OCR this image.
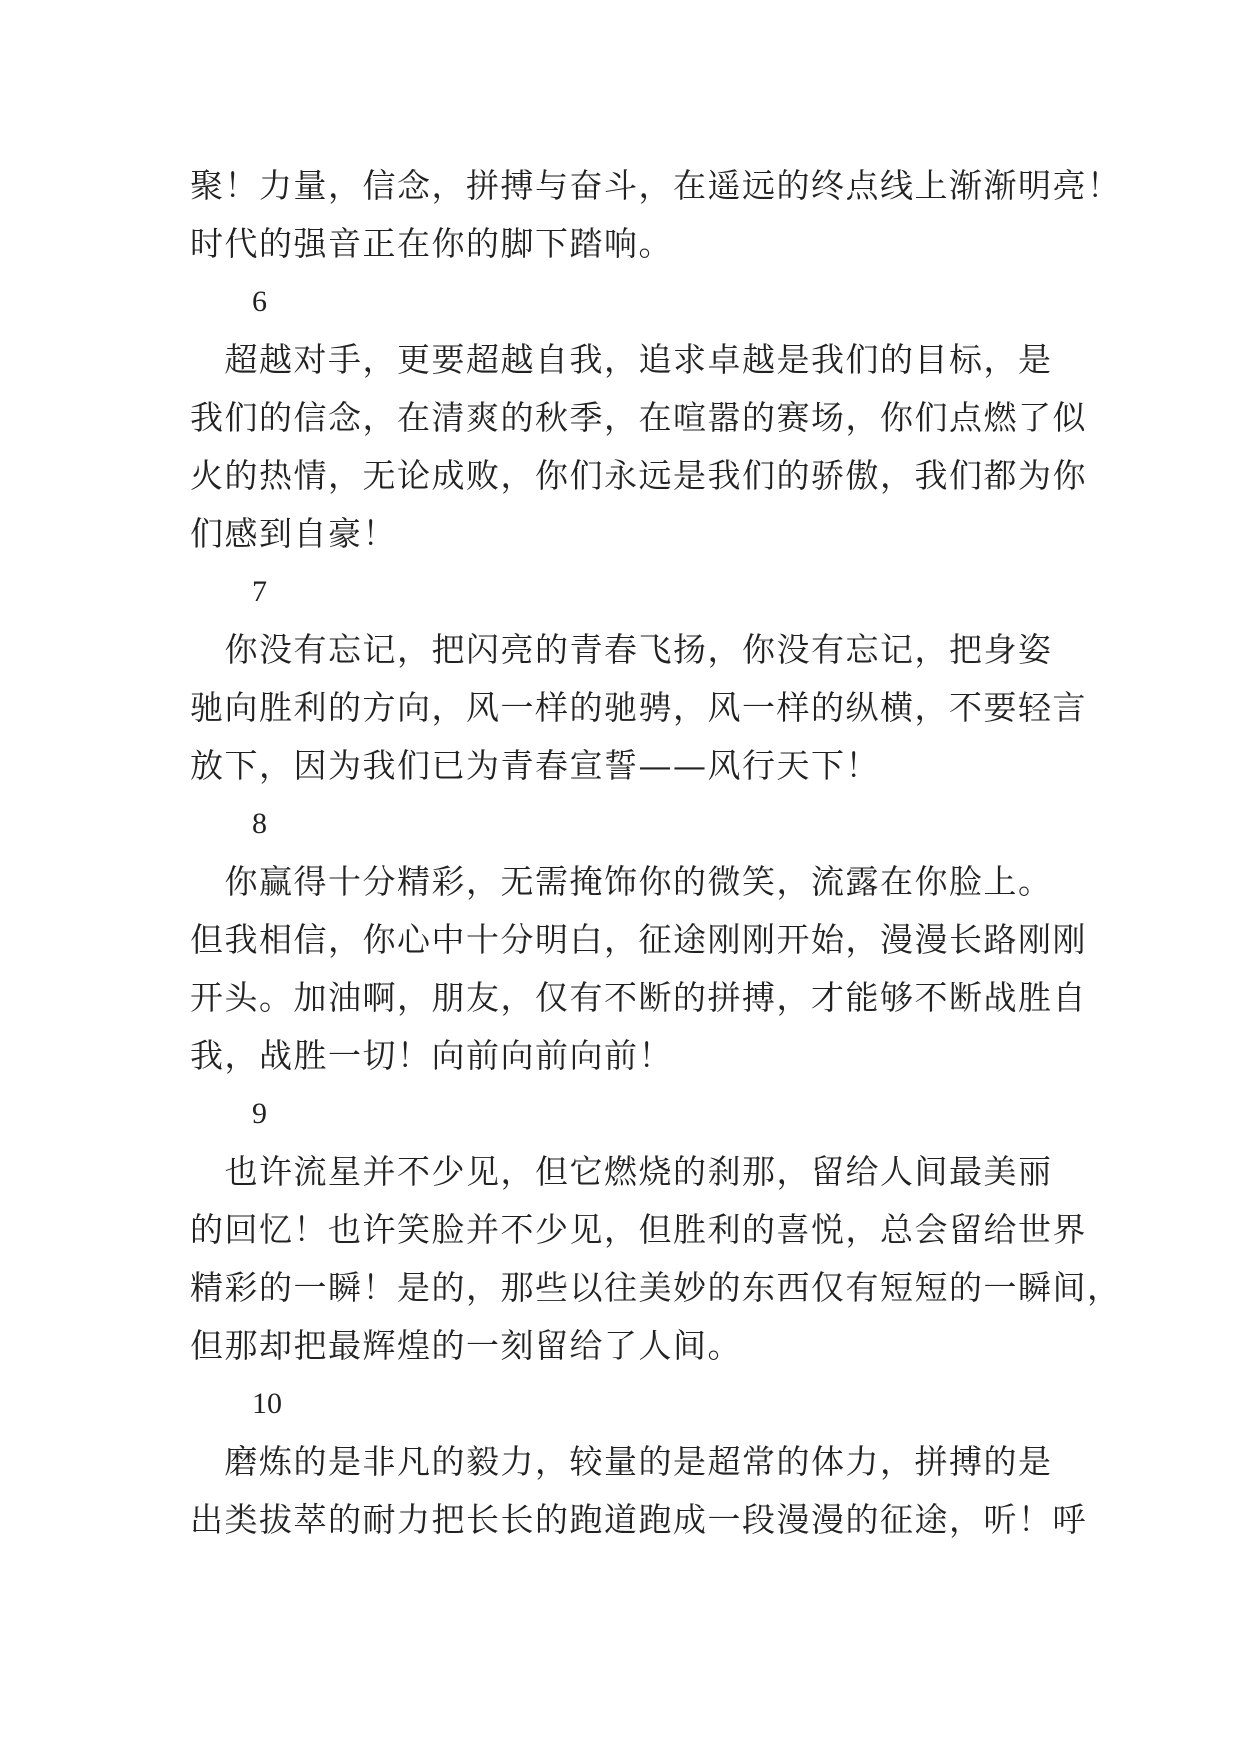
聚！力量，信念，拼搏与奋斗，在遥远的终点线上渐渐明亮！
时代的强音正在你的脚下踏响。
6
　超越对手，更要超越自我，追求卓越是我们的目标，是
我们的信念，在清爽的秋季，在喧嚣的赛场，你们点燃了似
火的热情，无论成败，你们永远是我们的骄傲，我们都为你
们感到自豪！
7
　你没有忘记，把闪亮的青春飞扬，你没有忘记，把身姿
驰向胜利的方向，风一样的驰骋，风一样的纵横，不要轻言
放下，因为我们已为青春宣誓——风行天下！
8
　你赢得十分精彩，无需掩饰你的微笑，流露在你脸上。
但我相信，你心中十分明白，征途刚刚开始，漫漫长路刚刚
开头。加油啊，朋友，仅有不断的拼搏，才能够不断战胜自
我，战胜一切！向前向前向前！
9
　也许流星并不少见，但它燃烧的刹那，留给人间最美丽
的回忆！也许笑脸并不少见，但胜利的喜悦，总会留给世界
精彩的一瞬！是的，那些以往美妙的东西仅有短短的一瞬间，
但那却把最辉煌的一刻留给了人间。
10
　磨炼的是非凡的毅力，较量的是超常的体力，拼搏的是
出类拔萃的耐力把长长的跑道跑成一段漫漫的征途，听！呼
